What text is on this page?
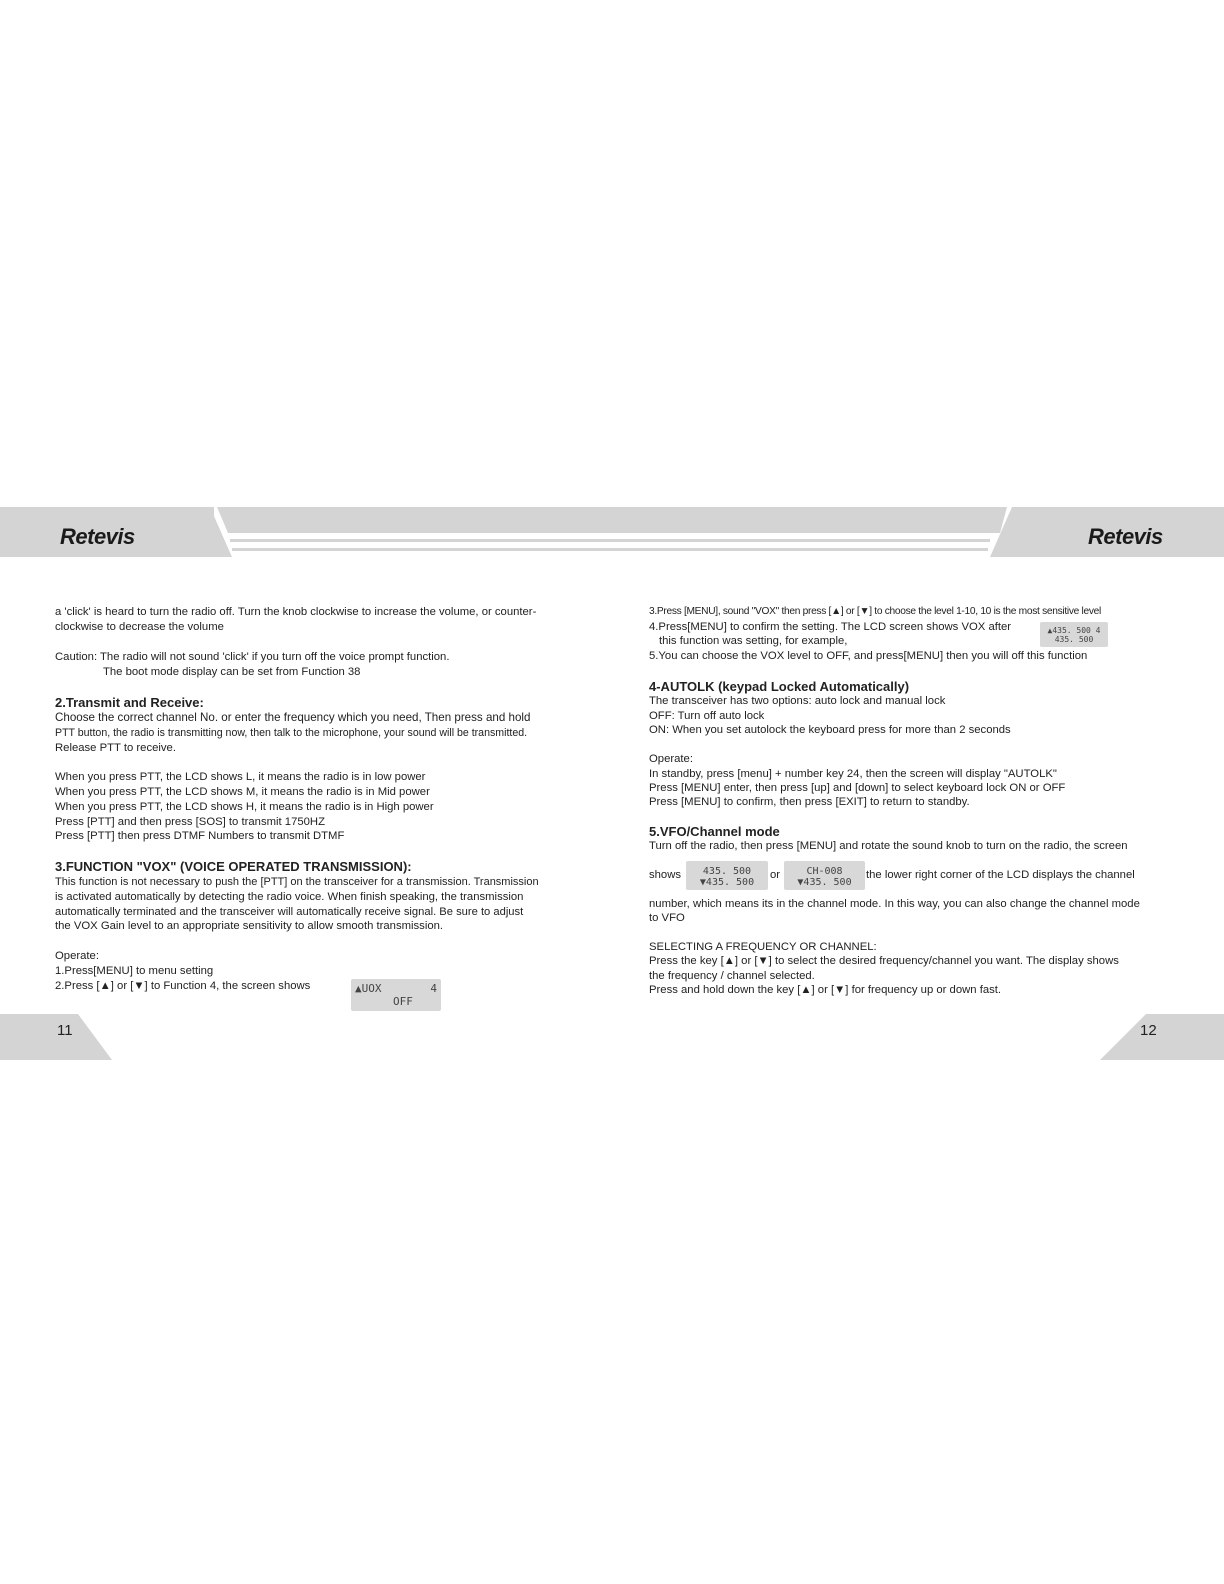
Retevis	Retevis
a 'click' is heard to turn the radio off. Turn the knob clockwise to increase the volume, or counter-
clockwise to decrease the volume
Caution: The radio will not sound 'click' if you turn off the voice prompt function.
The boot mode display can be set from Function 38
2.Transmit and Receive:
Choose the correct channel No. or enter the frequency which you need, Then press and hold
PTT button, the radio is transmitting now, then talk to the microphone, your sound will be transmitted.
Release PTT to receive.
When you press PTT, the LCD shows L, it means the radio is in low power
When you press PTT, the LCD shows M, it means the radio is in Mid power
When you press PTT, the LCD shows H, it means the radio is in High power
Press [PTT] and then press [SOS] to transmit 1750HZ
Press [PTT] then press DTMF Numbers to transmit DTMF
3.FUNCTION "VOX" (VOICE OPERATED TRANSMISSION):
This function is not necessary to push the [PTT] on the transceiver for a transmission. Transmission
is activated automatically by detecting the radio voice. When finish speaking, the transmission
automatically terminated and the transceiver will automatically receive signal. Be sure to adjust
the VOX Gain level to an appropriate sensitivity to allow smooth transmission.
Operate:
1.Press[MENU] to menu setting
2.Press [▲] or [▼] to Function 4, the screen shows	▲UOX	4

OFF
3.Press [MENU], sound "VOX" then press [▲] or [▼] to choose the level 1-10, 10 is the most sensitive level
4.Press[MENU] to confirm the setting. The LCD screen shows VOX after
this function was setting, for example,
▲435. 500 4
435. 500
5.You can choose the VOX level to OFF, and press[MENU] then you will off this function
4-AUTOLK (keypad Locked Automatically)
The transceiver has two options: auto lock and manual lock
OFF: Turn off auto lock
ON: When you set autolock the keyboard press for more than 2 seconds
Operate:
In standby, press [menu] + number key 24, then the screen will display "AUTOLK"
Press [MENU] enter, then press [up] and [down] to select keyboard lock ON or OFF
Press [MENU] to confirm, then press [EXIT] to return to standby.
5.VFO/Channel mode
Turn off the radio, then press [MENU] and rotate the sound knob to turn on the radio, the screen
shows	435. 500
▼435. 500
or	CH-008
▼435. 500
the lower right corner of the LCD displays the channel
number, which means its in the channel mode. In this way, you can also change the channel mode
to VFO
SELECTING A FREQUENCY OR CHANNEL:
Press the key [▲] or [▼] to select the desired frequency/channel you want. The display shows
the frequency / channel selected.
Press and hold down the key [▲] or [▼] for frequency up or down fast.
11	12
